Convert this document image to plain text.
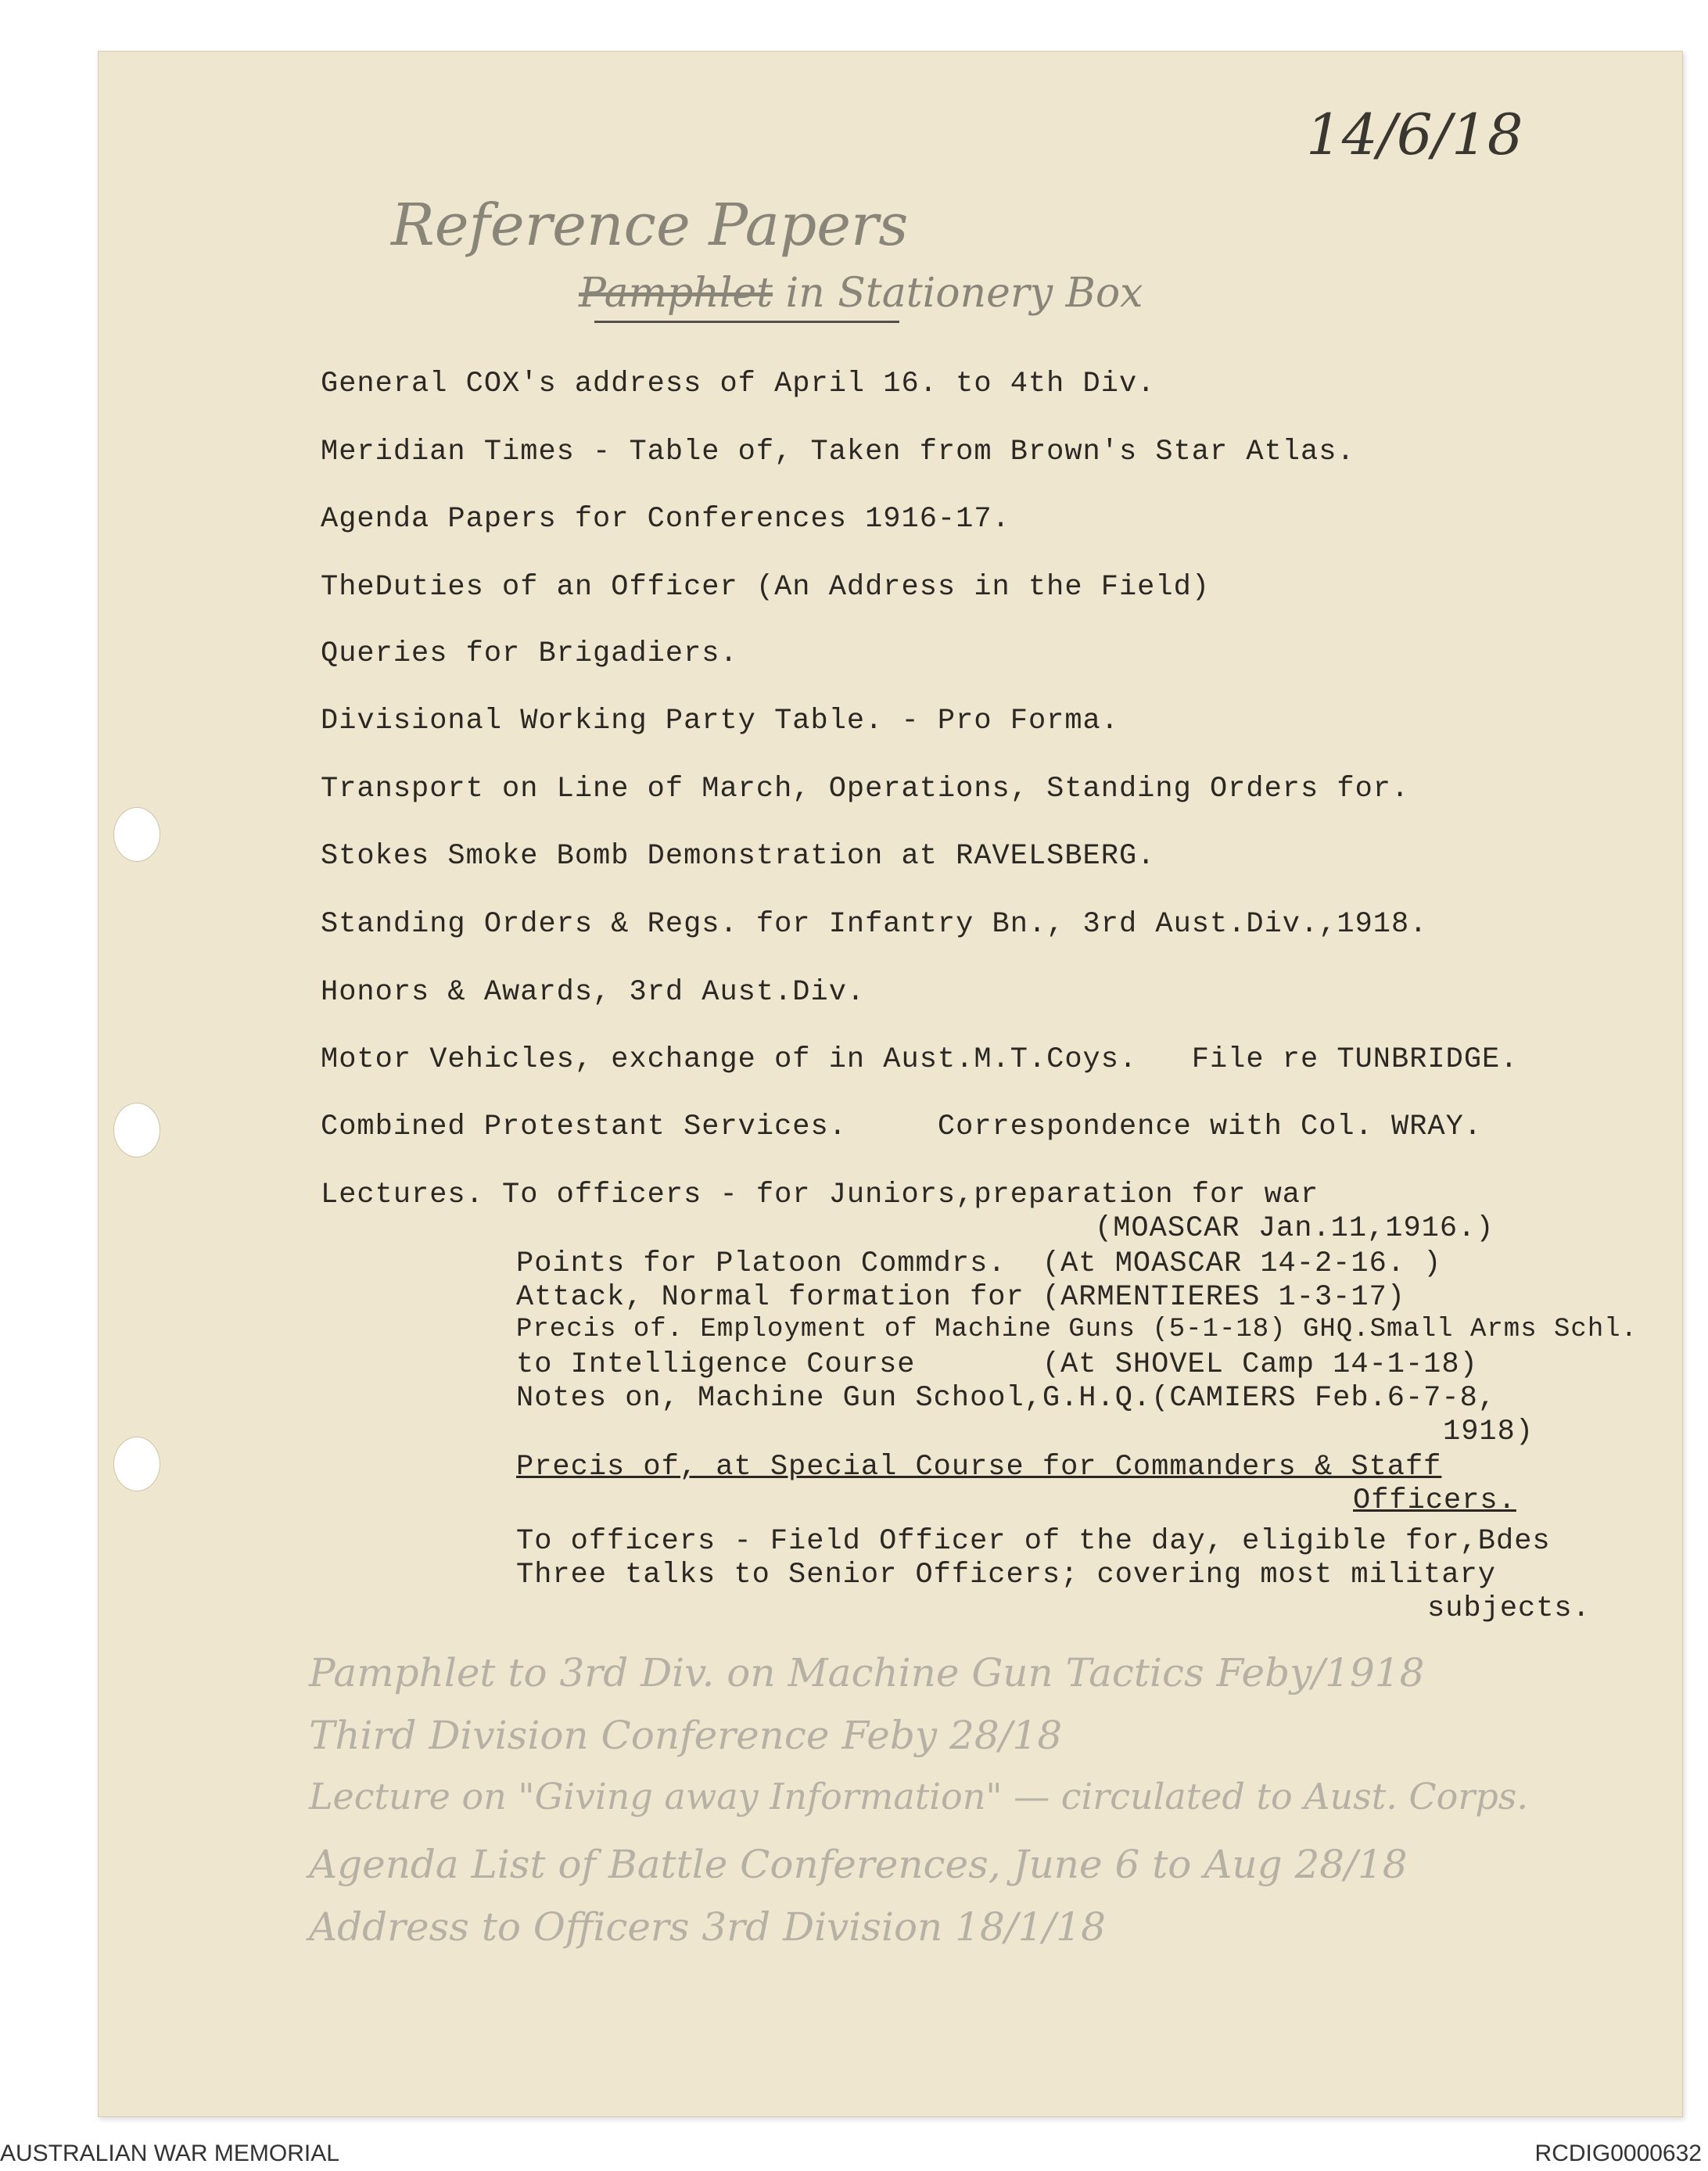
14/6/18
Reference Papers
Pamphlet in Stationery Box
General COX's address of April 16. to 4th Div.
Meridian Times - Table of, Taken from Brown's Star Atlas.
Agenda Papers for Conferences 1916-17.
TheDuties of an Officer (An Address in the Field)
Queries for Brigadiers.
Divisional Working Party Table. - Pro Forma.
Transport on Line of March, Operations, Standing Orders for.
Stokes Smoke Bomb Demonstration at RAVELSBERG.
Standing Orders & Regs. for Infantry Bn., 3rd Aust.Div.,1918.
Honors & Awards, 3rd Aust.Div.
Motor Vehicles, exchange of in Aust.M.T.Coys.   File re TUNBRIDGE.
Combined Protestant Services.     Correspondence with Col. WRAY.
Lectures. To officers - for Juniors,preparation for war
(MOASCAR Jan.11,1916.)
Points for Platoon Commdrs.  (At MOASCAR 14-2-16. )
Attack, Normal formation for (ARMENTIERES 1-3-17)
Precis of. Employment of Machine Guns (5-1-18) GHQ.Small Arms Schl.
to Intelligence Course       (At SHOVEL Camp 14-1-18)
Notes on, Machine Gun School,G.H.Q.(CAMIERS Feb.6-7-8,
1918)
Precis of, at Special Course for Commanders & Staff
Officers.
To officers - Field Officer of the day, eligible for,Bdes
Three talks to Senior Officers; covering most military
subjects.
Pamphlet to 3rd Div. on Machine Gun Tactics Feby/1918
Third Division Conference Feby 28/18
Lecture on "Giving away Information" — circulated to Aust. Corps.
Agenda List of Battle Conferences, June 6 to Aug 28/18
Address to Officers 3rd Division 18/1/18
AUSTRALIAN WAR MEMORIAL	RCDIG0000632
